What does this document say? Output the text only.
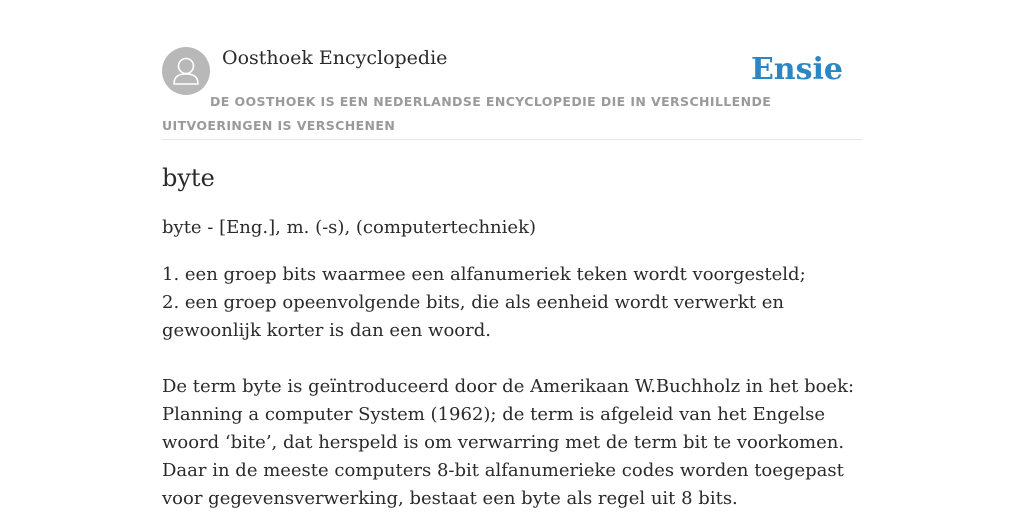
Oosthoek Encyclopedie	Ensie
DE OOSTHOEK IS EEN NEDERLANDSE ENCYCLOPEDIE DIE IN VERSCHILLENDE UITVOERINGEN IS VERSCHENEN
byte

byte - [Eng.], m. (-s), (computertechniek)

1. een groep bits waarmee een alfanumeriek teken wordt voorgesteld;

2. een groep opeenvolgende bits, die als eenheid wordt verwerkt en gewoonlijk korter is dan een woord.

De term byte is geïntroduceerd door de Amerikaan W.Buchholz in het boek: Planning a computer System (1962); de term is afgeleid van het Engelse woord ‘bite’, dat herspeld is om verwarring met de term bit te voorkomen. Daar in de meeste computers 8-bit alfanumerieke codes worden toegepast voor gegevensverwerking, bestaat een byte als regel uit 8 bits.
